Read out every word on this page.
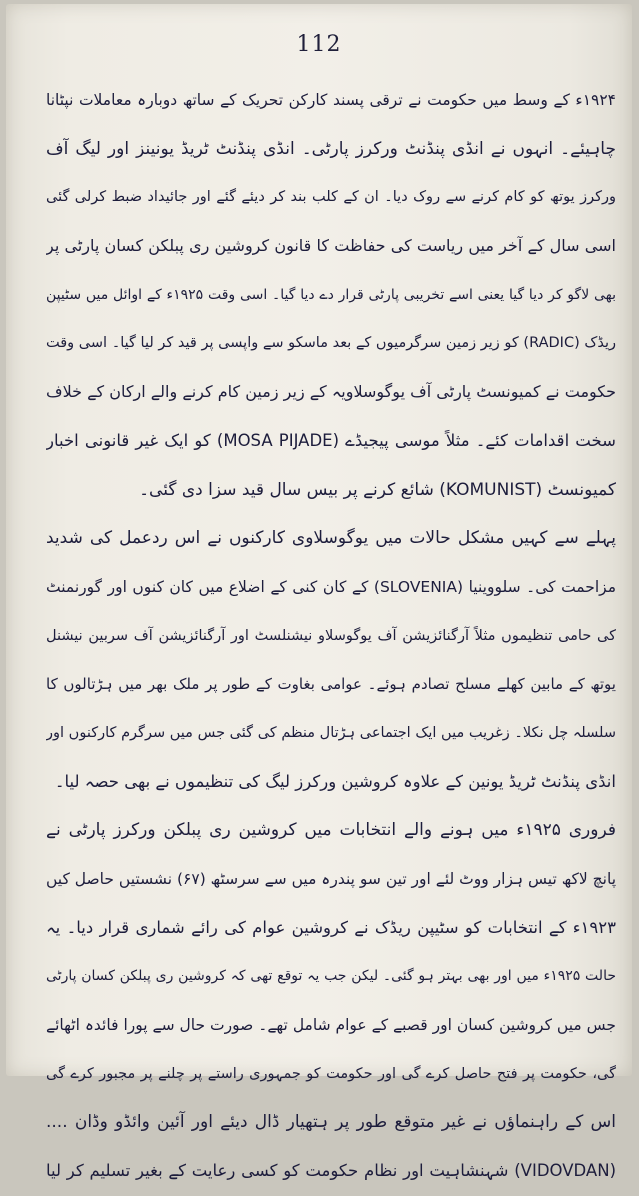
112
۱۹۲۴ء کے وسط میں حکومت نے ترقی پسند کارکن تحریک کے ساتھ دوبارہ معاملات نپٹانا
چاہیئے۔ انہوں نے انڈی پنڈنٹ ورکرز پارٹی۔ انڈی پنڈنٹ ٹریڈ یونینز اور لیگ آف
ورکرز یوتھ کو کام کرنے سے روک دیا۔ ان کے کلب بند کر دیئے گئے اور جائیداد ضبط کرلی گئی
اسی سال کے آخر میں ریاست کی حفاظت کا قانون کروشین ری پبلکن کسان پارٹی پر
بھی لاگو کر دیا گیا یعنی اسے تخریبی پارٹی قرار دے دیا گیا۔ اسی وقت ۱۹۲۵ء کے اوائل میں سٹیپن
ریڈک (RADIC) کو زیر زمین سرگرمیوں کے بعد ماسکو سے واپسی پر قید کر لیا گیا۔ اسی وقت
حکومت نے کمیونسٹ پارٹی آف یوگوسلاویہ کے زیر زمین کام کرنے والے ارکان کے خلاف
سخت اقدامات کئے۔ مثلاً موسی پیجیڈے (MOSA PIJADE) کو ایک غیر قانونی اخبار
کمیونسٹ (KOMUNIST) شائع کرنے پر بیس سال قید سزا دی گئی۔
پہلے سے کہیں مشکل حالات میں یوگوسلاوی کارکنوں نے اس ردعمل کی شدید
مزاحمت کی۔ سلووینیا (SLOVENIA) کے کان کنی کے اضلاع میں کان کنوں اور گورنمنٹ
کی حامی تنظیموں مثلاً آرگنائزیشن آف یوگوسلاو نیشنلسٹ اور آرگنائزیشن آف سربین نیشنل
یوتھ کے مابین کھلے مسلح تصادم ہوئے۔ عوامی بغاوت کے طور پر ملک بھر میں ہڑتالوں کا
سلسلہ چل نکلا۔ زغریب میں ایک اجتماعی ہڑتال منظم کی گئی جس میں سرگرم کارکنوں اور
انڈی پنڈنٹ ٹریڈ یونین کے علاوہ کروشین ورکرز لیگ کی تنظیموں نے بھی حصہ لیا۔
فروری ۱۹۲۵ء میں ہونے والے انتخابات میں کروشین ری پبلکن ورکرز پارٹی نے
پانچ لاکھ تیس ہزار ووٹ لئے اور تین سو پندرہ میں سے سرسٹھ (۶۷) نشستیں حاصل کیں
۱۹۲۳ء کے انتخابات کو سٹیپن ریڈک نے کروشین عوام کی رائے شماری قرار دیا۔ یہ
حالت ۱۹۲۵ء میں اور بھی بہتر ہو گئی۔ لیکن جب یہ توقع تھی کہ کروشین ری پبلکن کسان پارٹی
جس میں کروشین کسان اور قصبے کے عوام شامل تھے۔ صورت حال سے پورا فائدہ اٹھائے
گی، حکومت پر فتح حاصل کرے گی اور حکومت کو جمہوری راستے پر چلنے پر مجبور کرے گی
اس کے راہنماؤں نے غیر متوقع طور پر ہتھیار ڈال دیئے اور آئین وائڈو وڈان ....
(VIDOVDAN) شہنشاہیت اور نظام حکومت کو کسی رعایت کے بغیر تسلیم کر لیا
